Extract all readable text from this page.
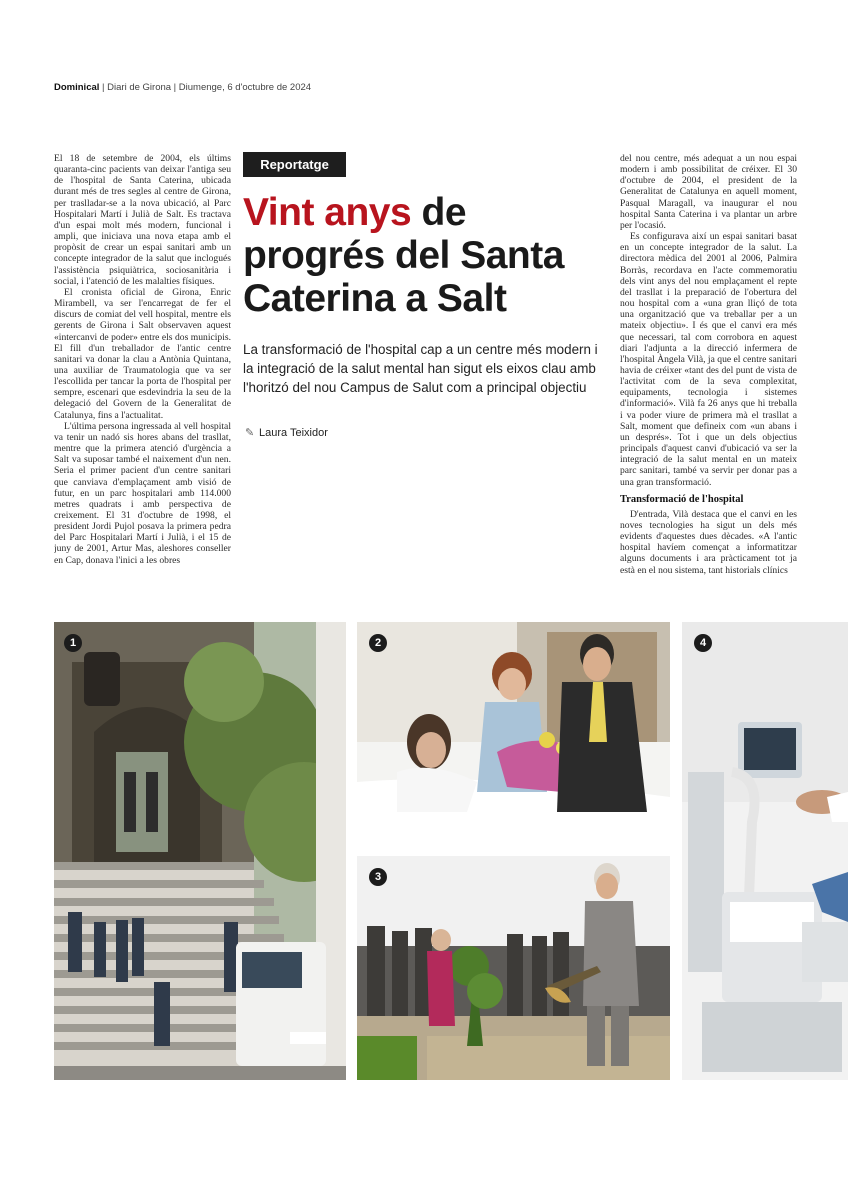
Dominical | Diari de Girona | Diumenge, 6 d'octubre de 2024

El 18 de setembre de 2004, els últims quaranta-cinc pacients van deixar l'antiga seu de l'hospital de Santa Caterina, ubicada durant més de tres segles al centre de Girona, per traslladar-se a la nova ubicació, al Parc Hospitalari Martí i Julià de Salt. Es tractava d'un espai molt més modern, funcional i ampli, que iniciava una nova etapa amb el propòsit de crear un espai sanitari amb un concepte integrador de la salut que inclogués l'assistència psiquiàtrica, sociosanitària i social, i l'atenció de les malalties físiques.

El cronista oficial de Girona, Enric Mirambell, va ser l'encarregat de fer el discurs de comiat del vell hospital, mentre els gerents de Girona i Salt observaven aquest «intercanvi de poder» entre els dos municipis. El fill d'un treballador de l'antic centre sanitari va donar la clau a Antònia Quintana, una auxiliar de Traumatologia que va ser l'escollida per tancar la porta de l'hospital per sempre, escenari que esdevindria la seu de la delegació del Govern de la Generalitat de Catalunya, fins a l'actualitat.

L'última persona ingressada al vell hospital va tenir un nadó sis hores abans del trasllat, mentre que la primera atenció d'urgència a Salt va suposar també el naixement d'un nen. Seria el primer pacient d'un centre sanitari que canviava d'emplaçament amb visió de futur, en un parc hospitalari amb 114.000 metres quadrats i amb perspectiva de creixement. El 31 d'octubre de 1998, el president Jordi Pujol posava la primera pedra del Parc Hospitalari Martí i Julià, i el 15 de juny de 2001, Artur Mas, aleshores conseller en Cap, donava l'inici a les obres

Reportatge
Vint anys de progrés del Santa Caterina a Salt

La transformació de l'hospital cap a un centre més modern i la integració de la salut mental han sigut els eixos clau amb l'horitzó del nou Campus de Salut com a principal objectiu

✎ Laura Teixidor

del nou centre, més adequat a un nou espai modern i amb possibilitat de créixer. El 30 d'octubre de 2004, el president de la Generalitat de Catalunya en aquell moment, Pasqual Maragall, va inaugurar el nou hospital Santa Caterina i va plantar un arbre per l'ocasió.

Es configurava així un espai sanitari basat en un concepte integrador de la salut. La directora mèdica del 2001 al 2006, Palmira Borràs, recordava en l'acte commemoratiu dels vint anys del nou emplaçament el repte del trasllat i la preparació de l'obertura del nou hospital com a «una gran lliçó de tota una organització que va treballar per a un mateix objectiu». I és que el canvi era més que necessari, tal com corrobora en aquest diari l'adjunta a la direcció infermera de l'hospital Àngela Vilà, ja que el centre sanitari havia de créixer «tant des del punt de vista de l'activitat com de la seva complexitat, equipaments, tecnologia i sistemes d'informació». Vilà fa 26 anys que hi treballa i va poder viure de primera mà el trasllat a Salt, moment que defineix com «un abans i un després». Tot i que un dels objectius principals d'aquest canvi d'ubicació va ser la integració de la salut mental en un mateix parc sanitari, també va servir per donar pas a una gran transformació.

Transformació de l'hospital

D'entrada, Vilà destaca que el canvi en les noves tecnologies ha sigut un dels més evidents d'aquestes dues dècades. «A l'antic hospital havíem començat a informatitzar alguns documents i ara pràcticament tot ja està en el nou sistema, tant historials clínics

1	2
3
4
